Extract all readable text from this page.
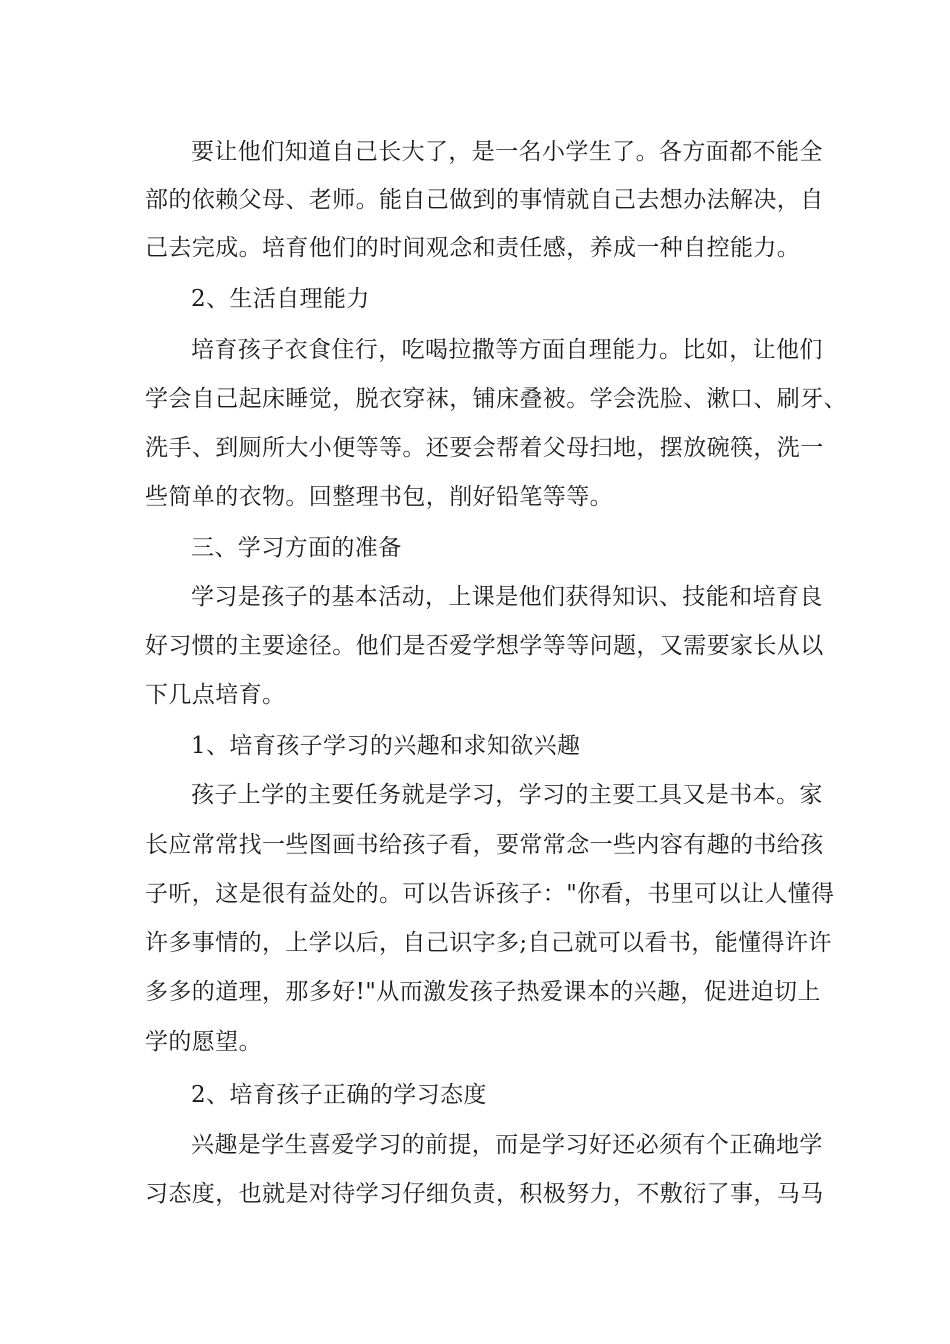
要让他们知道自己长大了，是一名小学生了。各方面都不能全
部的依赖父母、老师。能自己做到的事情就自己去想办法解决，自
己去完成。培育他们的时间观念和责任感，养成一种自控能力。
2、生活自理能力
培育孩子衣食住行，吃喝拉撒等方面自理能力。比如，让他们
学会自己起床睡觉，脱衣穿袜，铺床叠被。学会洗脸、漱口、刷牙、
洗手、到厕所大小便等等。还要会帮着父母扫地，摆放碗筷，洗一
些简单的衣物。回整理书包，削好铅笔等等。
三、学习方面的准备
学习是孩子的基本活动，上课是他们获得知识、技能和培育良
好习惯的主要途径。他们是否爱学想学等等问题，又需要家长从以
下几点培育。
1、培育孩子学习的兴趣和求知欲兴趣
孩子上学的主要任务就是学习，学习的主要工具又是书本。家
长应常常找一些图画书给孩子看，要常常念一些内容有趣的书给孩
子听，这是很有益处的。可以告诉孩子："你看，书里可以让人懂得
许多事情的，上学以后，自己识字多;自己就可以看书，能懂得许许
多多的道理，那多好!"从而激发孩子热爱课本的兴趣，促进迫切上
学的愿望。
2、培育孩子正确的学习态度
兴趣是学生喜爱学习的前提，而是学习好还必须有个正确地学
习态度，也就是对待学习仔细负责，积极努力，不敷衍了事，马马
